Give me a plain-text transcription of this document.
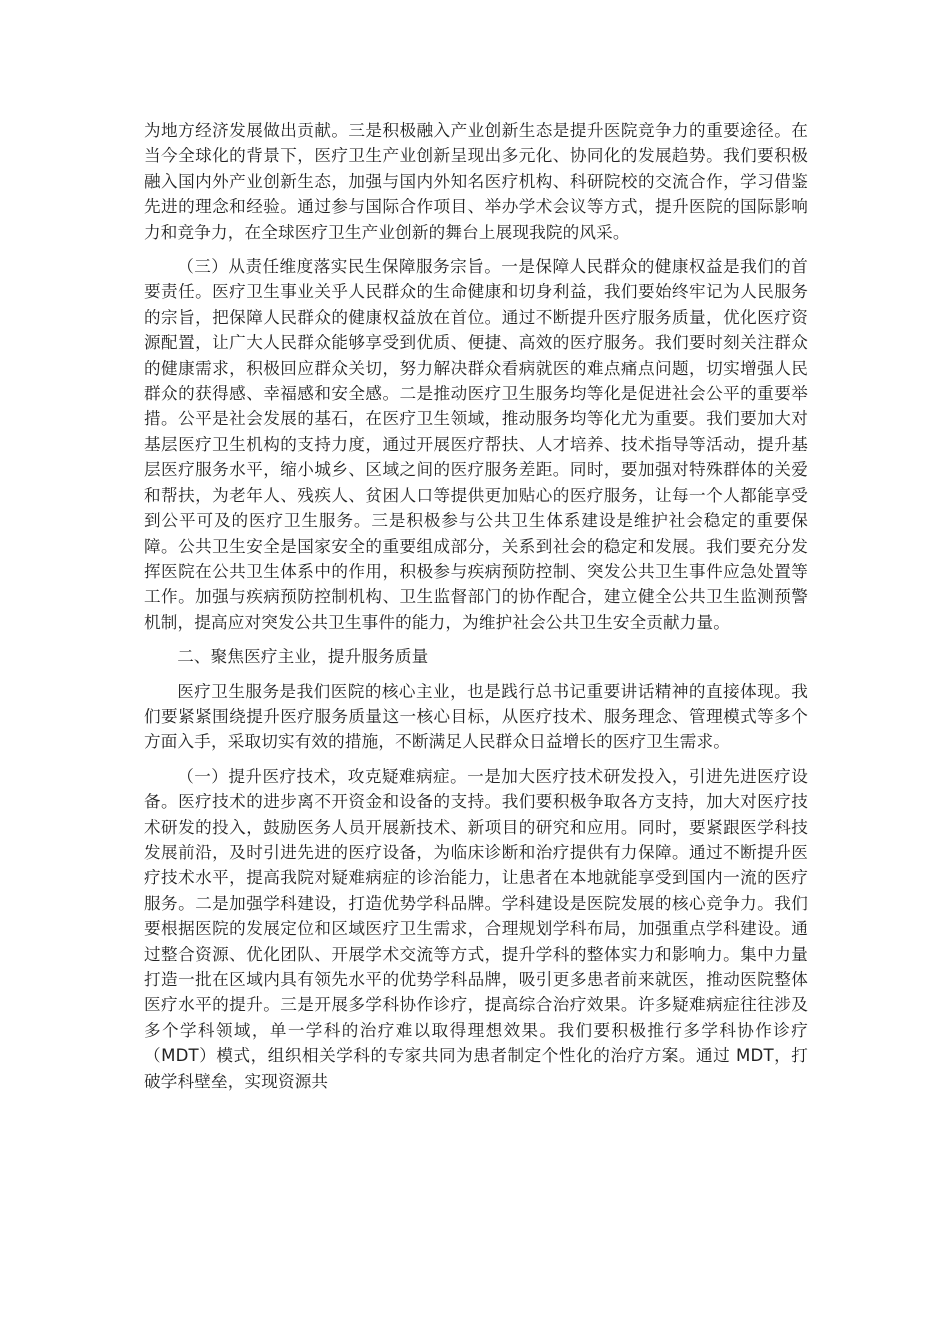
为地方经济发展做出贡献。三是积极融入产业创新生态是提升医院竞争力的重要途径。在当今全球化的背景下，医疗卫生产业创新呈现出多元化、协同化的发展趋势。我们要积极融入国内外产业创新生态，加强与国内外知名医疗机构、科研院校的交流合作，学习借鉴先进的理念和经验。通过参与国际合作项目、举办学术会议等方式，提升医院的国际影响力和竞争力，在全球医疗卫生产业创新的舞台上展现我院的风采。

（三）从责任维度落实民生保障服务宗旨。一是保障人民群众的健康权益是我们的首要责任。医疗卫生事业关乎人民群众的生命健康和切身利益，我们要始终牢记为人民服务的宗旨，把保障人民群众的健康权益放在首位。通过不断提升医疗服务质量，优化医疗资源配置，让广大人民群众能够享受到优质、便捷、高效的医疗服务。我们要时刻关注群众的健康需求，积极回应群众关切，努力解决群众看病就医的难点痛点问题，切实增强人民群众的获得感、幸福感和安全感。二是推动医疗卫生服务均等化是促进社会公平的重要举措。公平是社会发展的基石，在医疗卫生领域，推动服务均等化尤为重要。我们要加大对基层医疗卫生机构的支持力度，通过开展医疗帮扶、人才培养、技术指导等活动，提升基层医疗服务水平，缩小城乡、区域之间的医疗服务差距。同时，要加强对特殊群体的关爱和帮扶，为老年人、残疾人、贫困人口等提供更加贴心的医疗服务，让每一个人都能享受到公平可及的医疗卫生服务。三是积极参与公共卫生体系建设是维护社会稳定的重要保障。公共卫生安全是国家安全的重要组成部分，关系到社会的稳定和发展。我们要充分发挥医院在公共卫生体系中的作用，积极参与疾病预防控制、突发公共卫生事件应急处置等工作。加强与疾病预防控制机构、卫生监督部门的协作配合，建立健全公共卫生监测预警机制，提高应对突发公共卫生事件的能力，为维护社会公共卫生安全贡献力量。

二、聚焦医疗主业，提升服务质量

医疗卫生服务是我们医院的核心主业，也是践行总书记重要讲话精神的直接体现。我们要紧紧围绕提升医疗服务质量这一核心目标，从医疗技术、服务理念、管理模式等多个方面入手，采取切实有效的措施，不断满足人民群众日益增长的医疗卫生需求。

（一）提升医疗技术，攻克疑难病症。一是加大医疗技术研发投入，引进先进医疗设备。医疗技术的进步离不开资金和设备的支持。我们要积极争取各方支持，加大对医疗技术研发的投入，鼓励医务人员开展新技术、新项目的研究和应用。同时，要紧跟医学科技发展前沿，及时引进先进的医疗设备，为临床诊断和治疗提供有力保障。通过不断提升医疗技术水平，提高我院对疑难病症的诊治能力，让患者在本地就能享受到国内一流的医疗服务。二是加强学科建设，打造优势学科品牌。学科建设是医院发展的核心竞争力。我们要根据医院的发展定位和区域医疗卫生需求，合理规划学科布局，加强重点学科建设。通过整合资源、优化团队、开展学术交流等方式，提升学科的整体实力和影响力。集中力量打造一批在区域内具有领先水平的优势学科品牌，吸引更多患者前来就医，推动医院整体医疗水平的提升。三是开展多学科协作诊疗，提高综合治疗效果。许多疑难病症往往涉及多个学科领域，单一学科的治疗难以取得理想效果。我们要积极推行多学科协作诊疗（MDT）模式，组织相关学科的专家共同为患者制定个性化的治疗方案。通过 MDT，打破学科壁垒，实现资源共
